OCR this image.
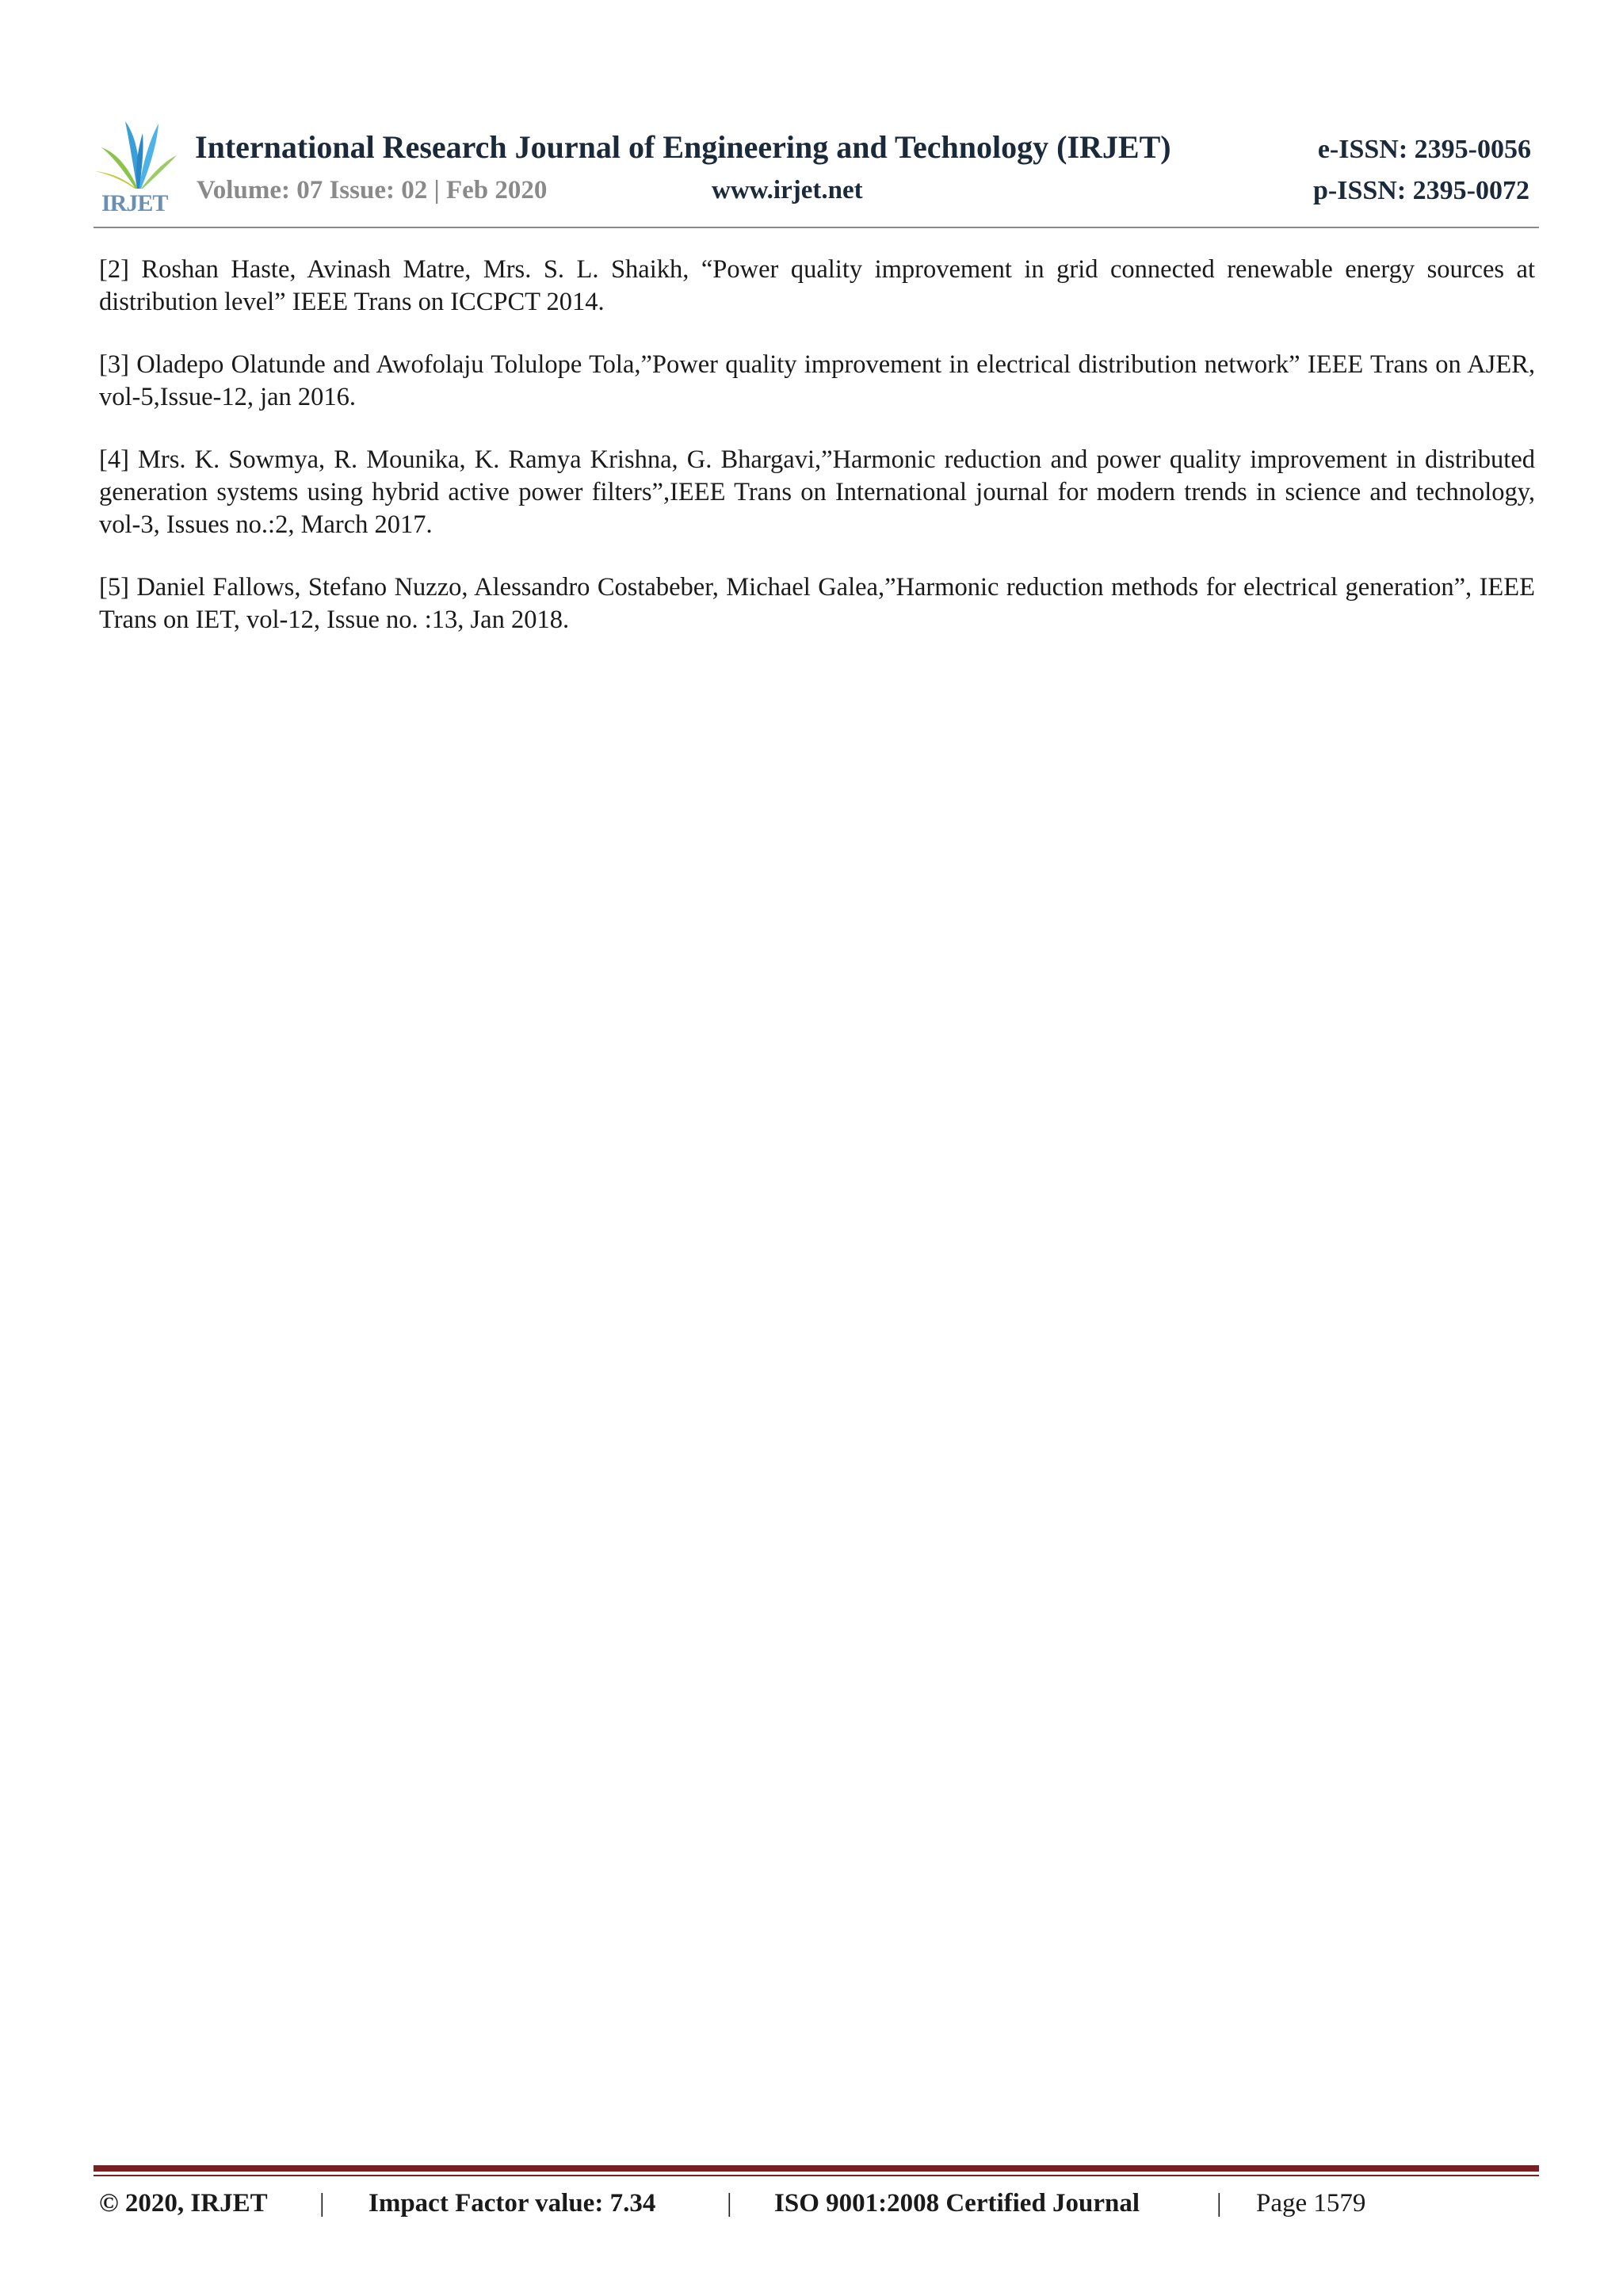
IRJET
International Research Journal of Engineering and Technology (IRJET)	e-ISSN: 2395-0056
Volume: 07 Issue: 02 | Feb 2020	www.irjet.net	p-ISSN: 2395-0072

[2] Roshan Haste, Avinash Matre, Mrs. S. L. Shaikh, “Power quality improvement in grid connected renewable energy sources at distribution level” IEEE Trans on ICCPCT 2014.

[3] Oladepo Olatunde and Awofolaju Tolulope Tola,”Power quality improvement in electrical distribution network” IEEE Trans on AJER, vol-5,Issue-12, jan 2016.

[4] Mrs. K. Sowmya, R. Mounika, K. Ramya Krishna, G. Bhargavi,”Harmonic reduction and power quality improvement in distributed generation systems using hybrid active power filters”,IEEE Trans on International journal for modern trends in science and technology, vol-3, Issues no.:2, March 2017.

[5] Daniel Fallows, Stefano Nuzzo, Alessandro Costabeber, Michael Galea,”Harmonic reduction methods for electrical generation”, IEEE Trans on IET, vol-12, Issue no. :13, Jan 2018.

© 2020, IRJET | Impact Factor value: 7.34	| ISO 9001:2008 Certified Journal	| Page 1579
